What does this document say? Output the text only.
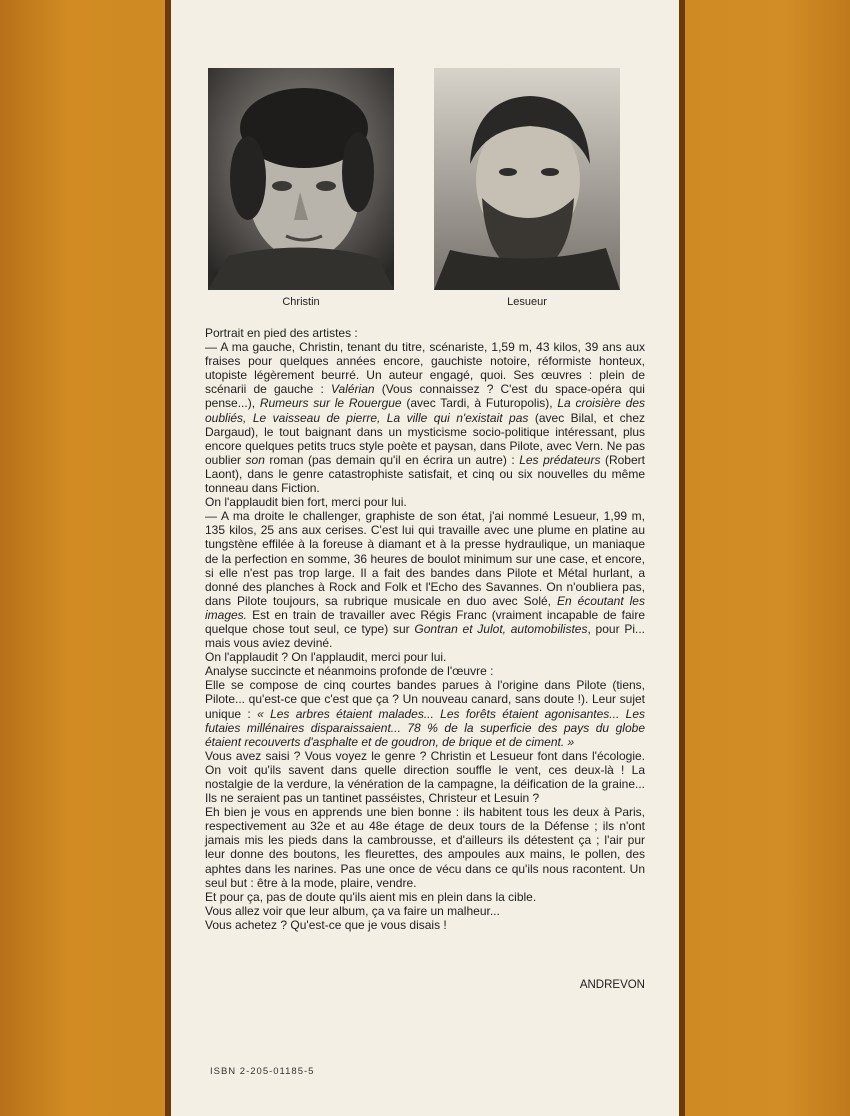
Christin	Lesueur

Portrait en pied des artistes :

— A ma gauche, Christin, tenant du titre, scénariste, 1,59 m, 43 kilos, 39 ans aux fraises pour quelques années encore, gauchiste notoire, réformiste honteux, utopiste légèrement beurré. Un auteur engagé, quoi. Ses œuvres : plein de scénarii de gauche : Valérian (Vous connaissez ? C'est du space-opéra qui pense...), Rumeurs sur le Rouergue (avec Tardi, à Futuropolis), La croisière des oubliés, Le vaisseau de pierre, La ville qui n'existait pas (avec Bilal, et chez Dargaud), le tout baignant dans un mysticisme socio-politique intéressant, plus encore quelques petits trucs style poète et paysan, dans Pilote, avec Vern. Ne pas oublier son roman (pas demain qu'il en écrira un autre) : Les prédateurs (Robert Laont), dans le genre catastrophiste satisfait, et cinq ou six nouvelles du même tonneau dans Fiction.

On l'applaudit bien fort, merci pour lui.

— A ma droite le challenger, graphiste de son état, j'ai nommé Lesueur, 1,99 m, 135 kilos, 25 ans aux cerises. C'est lui qui travaille avec une plume en platine au tungstène effilée à la foreuse à diamant et à la presse hydraulique, un maniaque de la perfection en somme, 36 heures de boulot minimum sur une case, et encore, si elle n'est pas trop large. Il a fait des bandes dans Pilote et Métal hurlant, a donné des planches à Rock and Folk et l'Echo des Savannes. On n'oubliera pas, dans Pilote toujours, sa rubrique musicale en duo avec Solé, En écoutant les images. Est en train de travailler avec Régis Franc (vraiment incapable de faire quelque chose tout seul, ce type) sur Gontran et Julot, automobilistes, pour Pi... mais vous aviez deviné.

On l'applaudit ? On l'applaudit, merci pour lui.

Analyse succincte et néanmoins profonde de l'œuvre :

Elle se compose de cinq courtes bandes parues à l'origine dans Pilote (tiens, Pilote... qu'est-ce que c'est que ça ? Un nouveau canard, sans doute !). Leur sujet unique : « Les arbres étaient malades... Les forêts étaient agonisantes... Les futaies millénaires disparaissaient... 78 % de la superficie des pays du globe étaient recouverts d'asphalte et de goudron, de brique et de ciment. »

Vous avez saisi ? Vous voyez le genre ? Christin et Lesueur font dans l'écologie. On voit qu'ils savent dans quelle direction souffle le vent, ces deux-là ! La nostalgie de la verdure, la vénération de la campagne, la déification de la graine... Ils ne seraient pas un tantinet passéistes, Christeur et Lesuin ?

Eh bien je vous en apprends une bien bonne : ils habitent tous les deux à Paris, respectivement au 32e et au 48e étage de deux tours de la Défense ; ils n'ont jamais mis les pieds dans la cambrousse, et d'ailleurs ils détestent ça ; l'air pur leur donne des boutons, les fleurettes, des ampoules aux mains, le pollen, des aphtes dans les narines. Pas une once de vécu dans ce qu'ils nous racontent. Un seul but : être à la mode, plaire, vendre.

Et pour ça, pas de doute qu'ils aient mis en plein dans la cible.

Vous allez voir que leur album, ça va faire un malheur...

Vous achetez ? Qu'est-ce que je vous disais !

ANDREVON
ISBN 2-205-01185-5
